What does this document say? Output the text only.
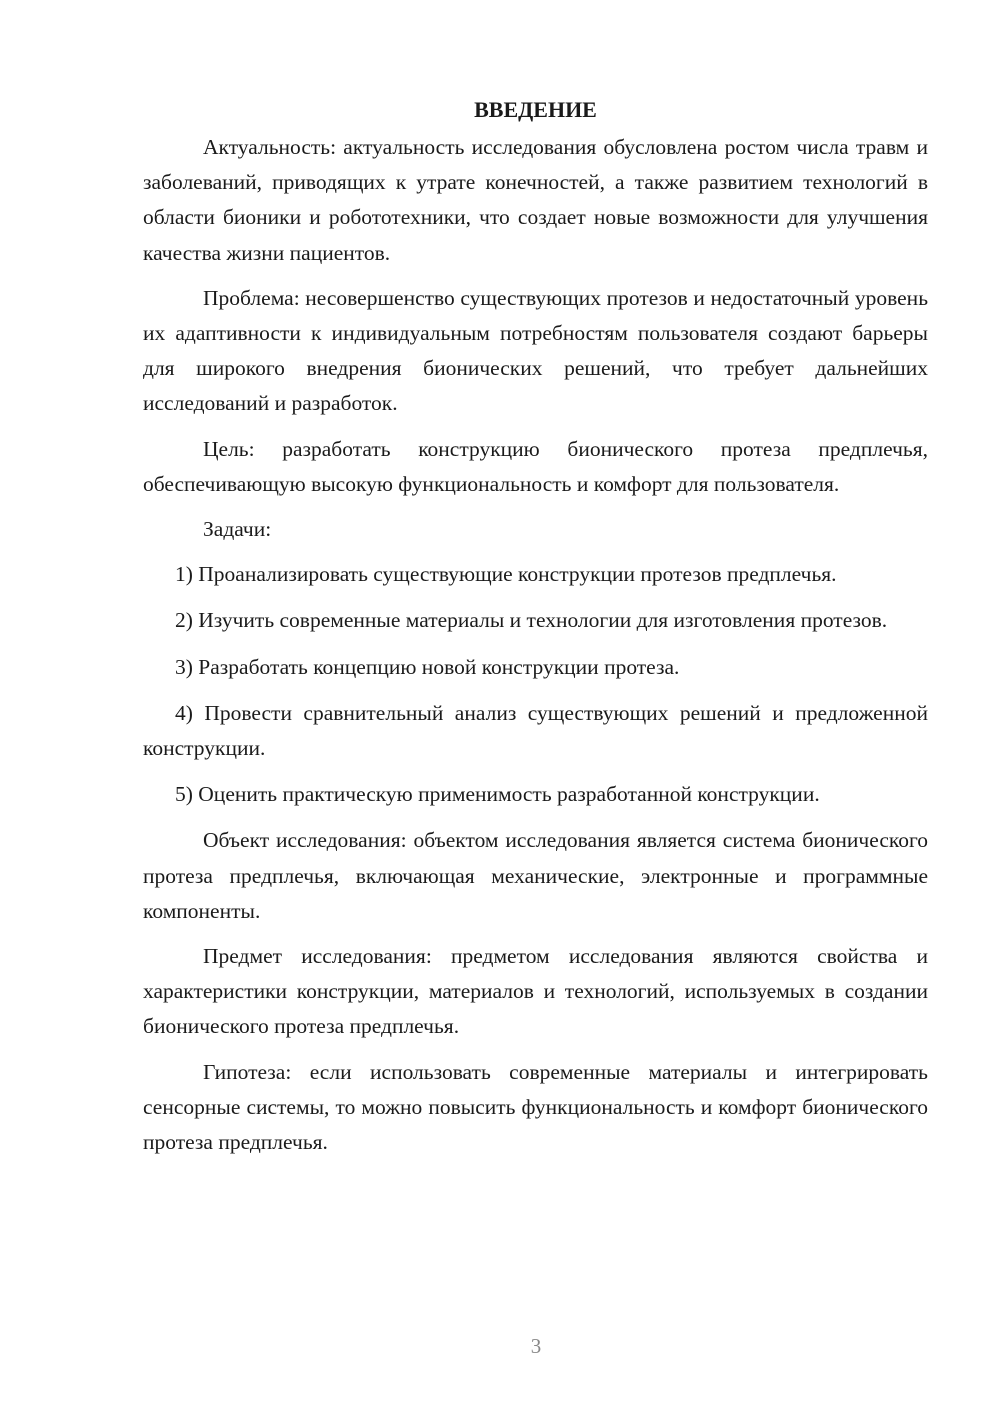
ВВЕДЕНИЕ

Актуальность: актуальность исследования обусловлена ростом числа травм и заболеваний, приводящих к утрате конечностей, а также развитием технологий в области бионики и робототехники, что создает новые возможности для улучшения качества жизни пациентов.

Проблема: несовершенство существующих протезов и недостаточный уровень их адаптивности к индивидуальным потребностям пользователя создают барьеры для широкого внедрения бионических решений, что требует дальнейших исследований и разработок.

Цель: разработать конструкцию бионического протеза предплечья, обеспечивающую высокую функциональность и комфорт для пользователя.

Задачи:

1) Проанализировать существующие конструкции протезов предплечья.

2) Изучить современные материалы и технологии для изготовления протезов.

3) Разработать концепцию новой конструкции протеза.

4) Провести сравнительный анализ существующих решений и предложенной конструкции.

5) Оценить практическую применимость разработанной конструкции.

Объект исследования: объектом исследования является система бионического протеза предплечья, включающая механические, электронные и программные компоненты.

Предмет исследования: предметом исследования являются свойства и характеристики конструкции, материалов и технологий, используемых в создании бионического протеза предплечья.

Гипотеза: если использовать современные материалы и интегрировать сенсорные системы, то можно повысить функциональность и комфорт бионического протеза предплечья.

3
